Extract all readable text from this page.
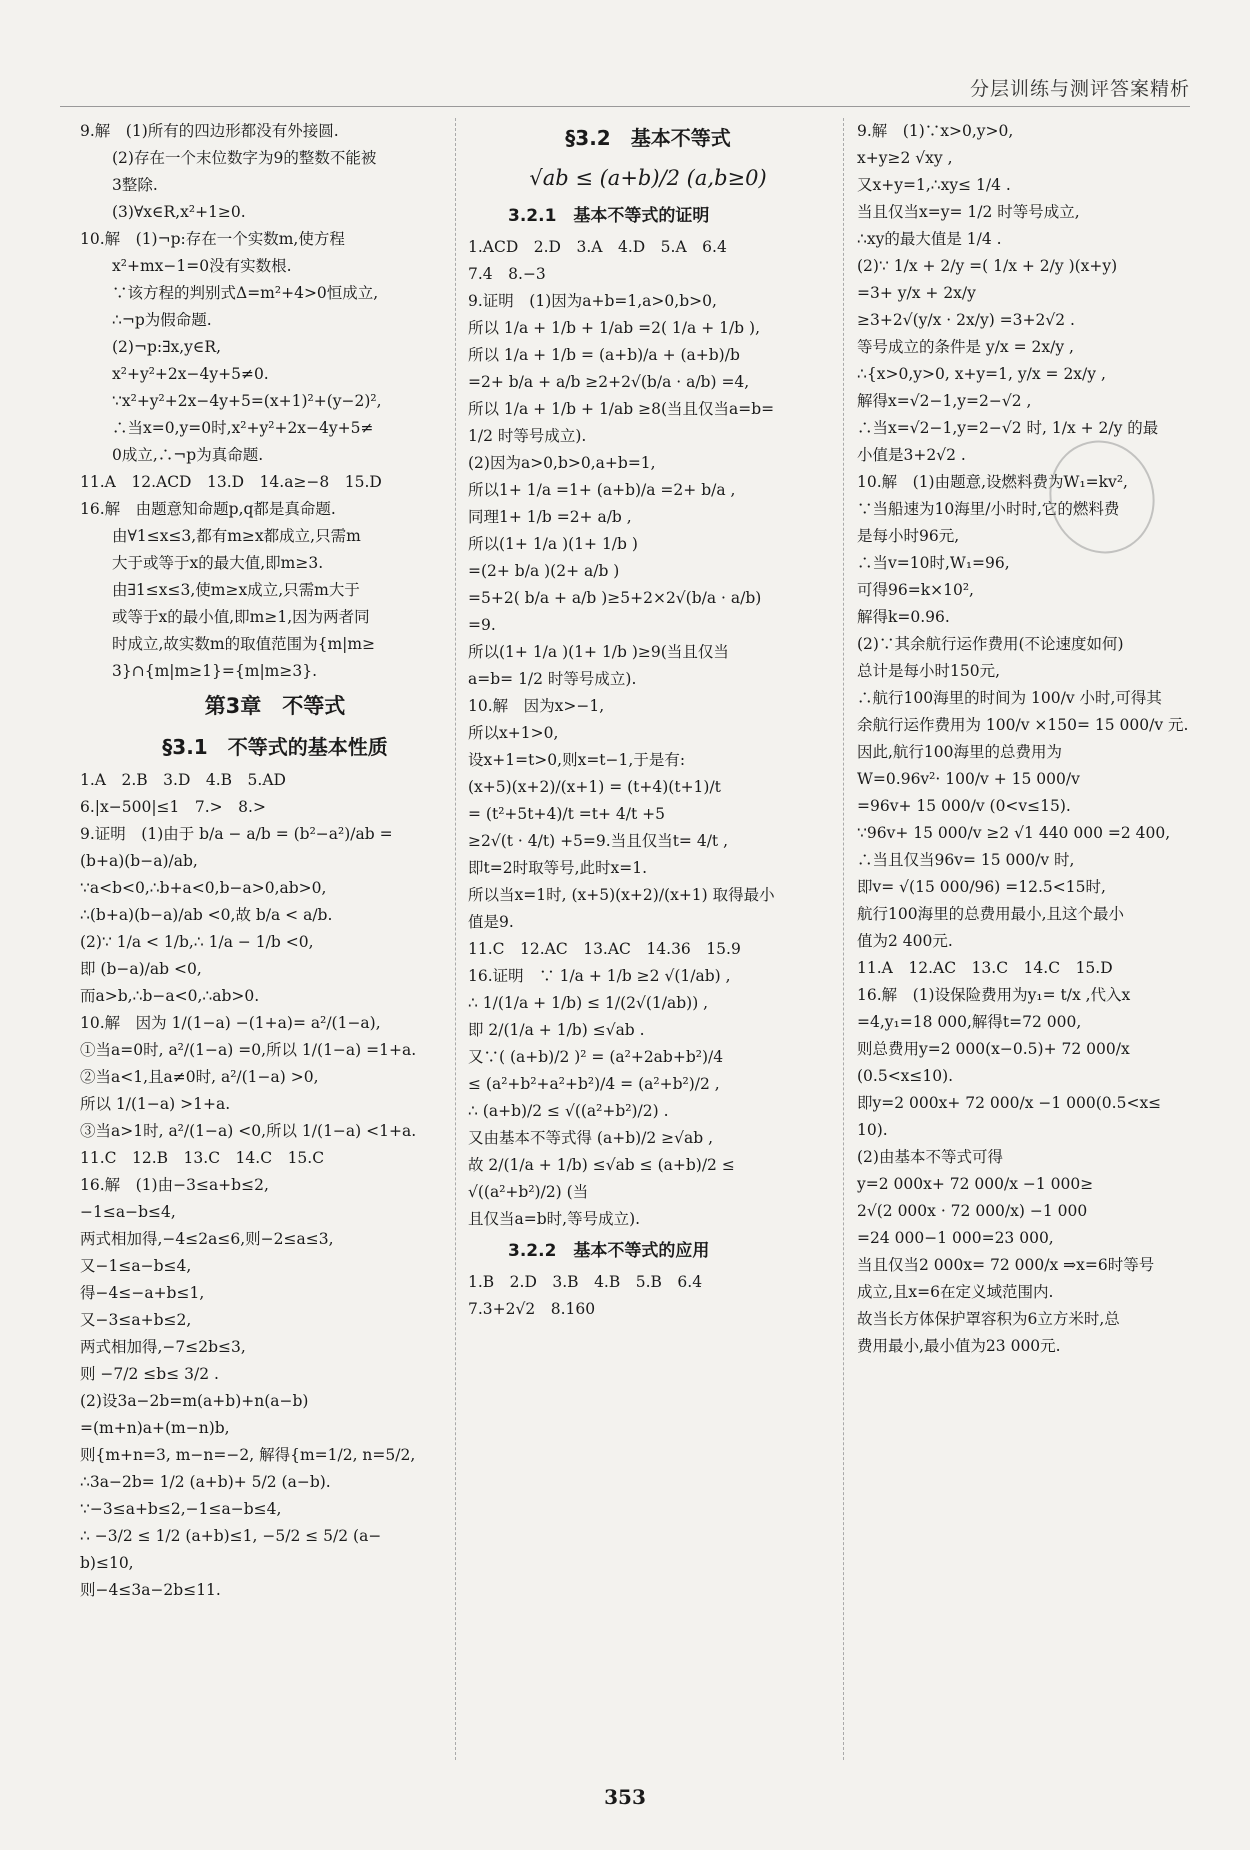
分层训练与测评答案精析
9.解　(1)所有的四边形都没有外接圆.
(2)存在一个末位数字为9的整数不能被
3整除.
(3)∀x∈R,x²+1≥0.
10.解　(1)¬p:存在一个实数m,使方程
x²+mx−1=0没有实数根.
∵该方程的判别式Δ=m²+4>0恒成立,
∴¬p为假命题.
(2)¬p:∃x,y∈R,
x²+y²+2x−4y+5≠0.
∵x²+y²+2x−4y+5=(x+1)²+(y−2)²,
∴当x=0,y=0时,x²+y²+2x−4y+5≠
0成立,∴¬p为真命题.
11.A　12.ACD　13.D　14.a≥−8　15.D
16.解　由题意知命题p,q都是真命题.
由∀1≤x≤3,都有m≥x都成立,只需m
大于或等于x的最大值,即m≥3.
由∃1≤x≤3,使m≥x成立,只需m大于
或等于x的最小值,即m≥1,因为两者同
时成立,故实数m的取值范围为{m|m≥
3}∩{m|m≥1}={m|m≥3}.
第3章　不等式
§3.1　不等式的基本性质
1.A　2.B　3.D　4.B　5.AD
6.|x−500|≤1　7.>　8.>
9.证明　(1)由于 b/a − a/b = (b²−a²)/ab =
(b+a)(b−a)/ab,
∵a<b<0,∴b+a<0,b−a>0,ab>0,
∴(b+a)(b−a)/ab <0,故 b/a < a/b.
(2)∵ 1/a < 1/b,∴ 1/a − 1/b <0,
即 (b−a)/ab <0,
而a>b,∴b−a<0,∴ab>0.
10.解　因为 1/(1−a) −(1+a)= a²/(1−a),
①当a=0时, a²/(1−a) =0,所以 1/(1−a) =1+a.
②当a<1,且a≠0时, a²/(1−a) >0,
所以 1/(1−a) >1+a.
③当a>1时, a²/(1−a) <0,所以 1/(1−a) <1+a.
11.C　12.B　13.C　14.C　15.C
16.解　(1)由−3≤a+b≤2,
−1≤a−b≤4,
两式相加得,−4≤2a≤6,则−2≤a≤3,
又−1≤a−b≤4,
得−4≤−a+b≤1,
又−3≤a+b≤2,
两式相加得,−7≤2b≤3,
则 −7/2 ≤b≤ 3/2 .
(2)设3a−2b=m(a+b)+n(a−b)
=(m+n)a+(m−n)b,
则{m+n=3, m−n=−2, 解得{m=1/2, n=5/2,
∴3a−2b= 1/2 (a+b)+ 5/2 (a−b).
∵−3≤a+b≤2,−1≤a−b≤4,
∴ −3/2 ≤ 1/2 (a+b)≤1, −5/2 ≤ 5/2 (a−
b)≤10,
则−4≤3a−2b≤11.
§3.2　基本不等式
√ab ≤ (a+b)/2 (a,b≥0)
3.2.1　基本不等式的证明
1.ACD　2.D　3.A　4.D　5.A　6.4
7.4　8.−3
9.证明　(1)因为a+b=1,a>0,b>0,
所以 1/a + 1/b + 1/ab =2( 1/a + 1/b ),
所以 1/a + 1/b = (a+b)/a + (a+b)/b
=2+ b/a + a/b ≥2+2√(b/a · a/b) =4,
所以 1/a + 1/b + 1/ab ≥8(当且仅当a=b=
1/2 时等号成立).
(2)因为a>0,b>0,a+b=1,
所以1+ 1/a =1+ (a+b)/a =2+ b/a ,
同理1+ 1/b =2+ a/b ,
所以(1+ 1/a )(1+ 1/b )
=(2+ b/a )(2+ a/b )
=5+2( b/a + a/b )≥5+2×2√(b/a · a/b)
=9.
所以(1+ 1/a )(1+ 1/b )≥9(当且仅当
a=b= 1/2 时等号成立).
10.解　因为x>−1,
所以x+1>0,
设x+1=t>0,则x=t−1,于是有:
(x+5)(x+2)/(x+1) = (t+4)(t+1)/t
= (t²+5t+4)/t =t+ 4/t +5
≥2√(t · 4/t) +5=9.当且仅当t= 4/t ,
即t=2时取等号,此时x=1.
所以当x=1时, (x+5)(x+2)/(x+1) 取得最小
值是9.
11.C　12.AC　13.AC　14.36　15.9
16.证明　∵ 1/a + 1/b ≥2 √(1/ab) ,
∴ 1/(1/a + 1/b) ≤ 1/(2√(1/ab)) ,
即 2/(1/a + 1/b) ≤√ab .
又∵( (a+b)/2 )² = (a²+2ab+b²)/4
≤ (a²+b²+a²+b²)/4 = (a²+b²)/2 ,
∴ (a+b)/2 ≤ √((a²+b²)/2) .
又由基本不等式得 (a+b)/2 ≥√ab ,
故 2/(1/a + 1/b) ≤√ab ≤ (a+b)/2 ≤ √((a²+b²)/2) (当
且仅当a=b时,等号成立).
3.2.2　基本不等式的应用
1.B　2.D　3.B　4.B　5.B　6.4
7.3+2√2　8.160
9.解　(1)∵x>0,y>0,
x+y≥2 √xy ,
又x+y=1,∴xy≤ 1/4 .
当且仅当x=y= 1/2 时等号成立,
∴xy的最大值是 1/4 .
(2)∵ 1/x + 2/y =( 1/x + 2/y )(x+y)
=3+ y/x + 2x/y
≥3+2√(y/x · 2x/y) =3+2√2 .
等号成立的条件是 y/x = 2x/y ,
∴{x>0,y>0, x+y=1, y/x = 2x/y ,
解得x=√2−1,y=2−√2 ,
∴当x=√2−1,y=2−√2 时, 1/x + 2/y 的最
小值是3+2√2 .
10.解　(1)由题意,设燃料费为W₁=kv²,
∵当船速为10海里/小时时,它的燃料费
是每小时96元,
∴当v=10时,W₁=96,
可得96=k×10²,
解得k=0.96.
(2)∵其余航行运作费用(不论速度如何)
总计是每小时150元,
∴航行100海里的时间为 100/v 小时,可得其
余航行运作费用为 100/v ×150= 15 000/v 元.
因此,航行100海里的总费用为
W=0.96v²· 100/v + 15 000/v
=96v+ 15 000/v (0<v≤15).
∵96v+ 15 000/v ≥2 √1 440 000 =2 400,
∴当且仅当96v= 15 000/v 时,
即v= √(15 000/96) =12.5<15时,
航行100海里的总费用最小,且这个最小
值为2 400元.
11.A　12.AC　13.C　14.C　15.D
16.解　(1)设保险费用为y₁= t/x ,代入x
=4,y₁=18 000,解得t=72 000,
则总费用y=2 000(x−0.5)+ 72 000/x
(0.5<x≤10).
即y=2 000x+ 72 000/x −1 000(0.5<x≤
10).
(2)由基本不等式可得
y=2 000x+ 72 000/x −1 000≥
2√(2 000x · 72 000/x) −1 000
=24 000−1 000=23 000,
当且仅当2 000x= 72 000/x ⇒x=6时等号
成立,且x=6在定义域范围内.
故当长方体保护罩容积为6立方米时,总
费用最小,最小值为23 000元.
353
